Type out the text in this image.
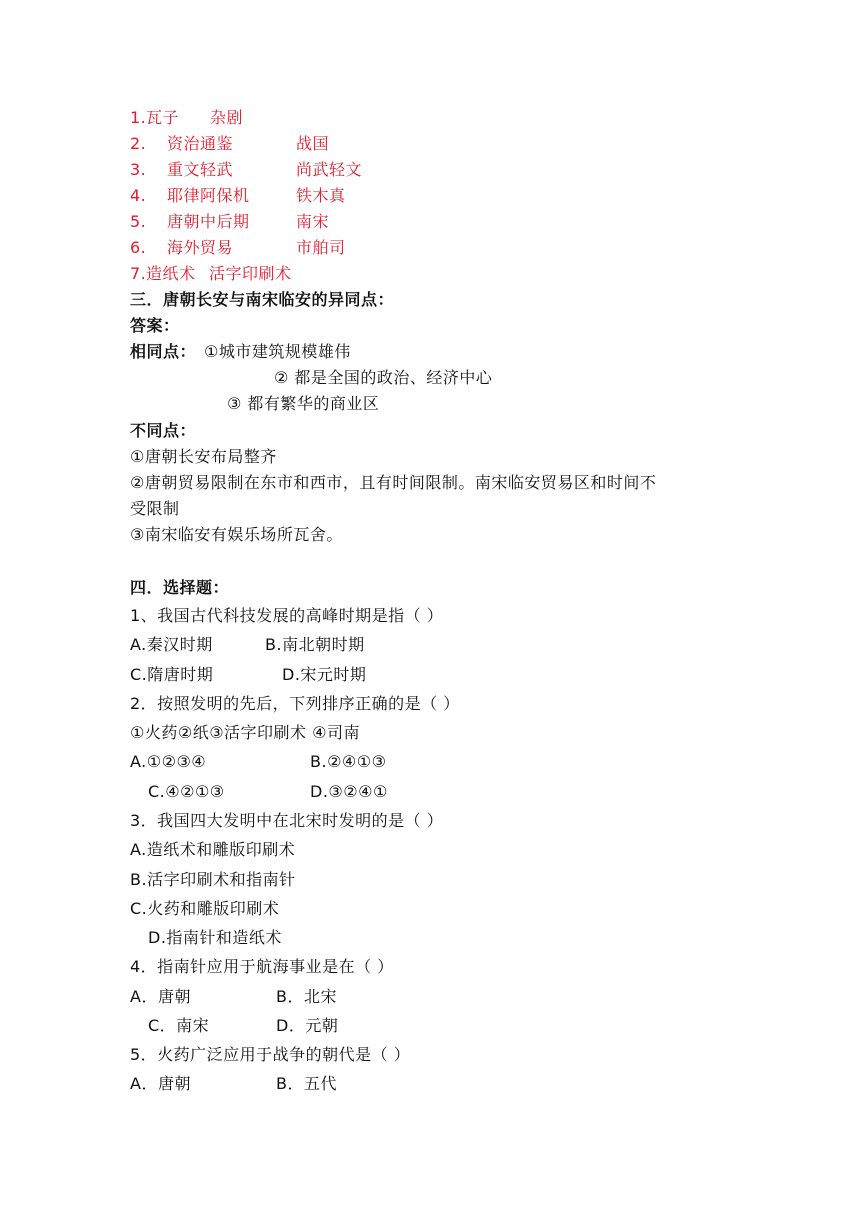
1. 瓦子 杂剧
2. 资治通鉴	战国
3. 重文轻武	尚武轻文
4. 耶律阿保机	铁木真
5. 唐朝中后期	南宋
6. 海外贸易	市舶司
7. 造纸术 活字印刷术
三．唐朝长安与南宋临安的异同点：
答案：
相同点： ①城市建筑规模雄伟
② 都是全国的政治、经济中心
③ 都有繁华的商业区
不同点：
①唐朝长安布局整齐
②唐朝贸易限制在东市和西市，且有时间限制。南宋临安贸易区和时间不
受限制
③南宋临安有娱乐场所瓦舍。
四．选择题：
1、我国古代科技发展的高峰时期是指（ ）
A.秦汉时期	B.南北朝时期
C.隋唐时期	D.宋元时期
2．按照发明的先后，下列排序正确的是（ ）
①火药②纸③活字印刷术 ④司南
A.①②③④	B.②④①③
C.④②①③	D.③②④①
3．我国四大发明中在北宋时发明的是（ ）
A.造纸术和雕版印刷术
B.活字印刷术和指南针
C.火药和雕版印刷术
D.指南针和造纸术
4．指南针应用于航海事业是在（ ）
A．唐朝	B．北宋
C．南宋	D．元朝
5．火药广泛应用于战争的朝代是（ ）
A．唐朝	B．五代
